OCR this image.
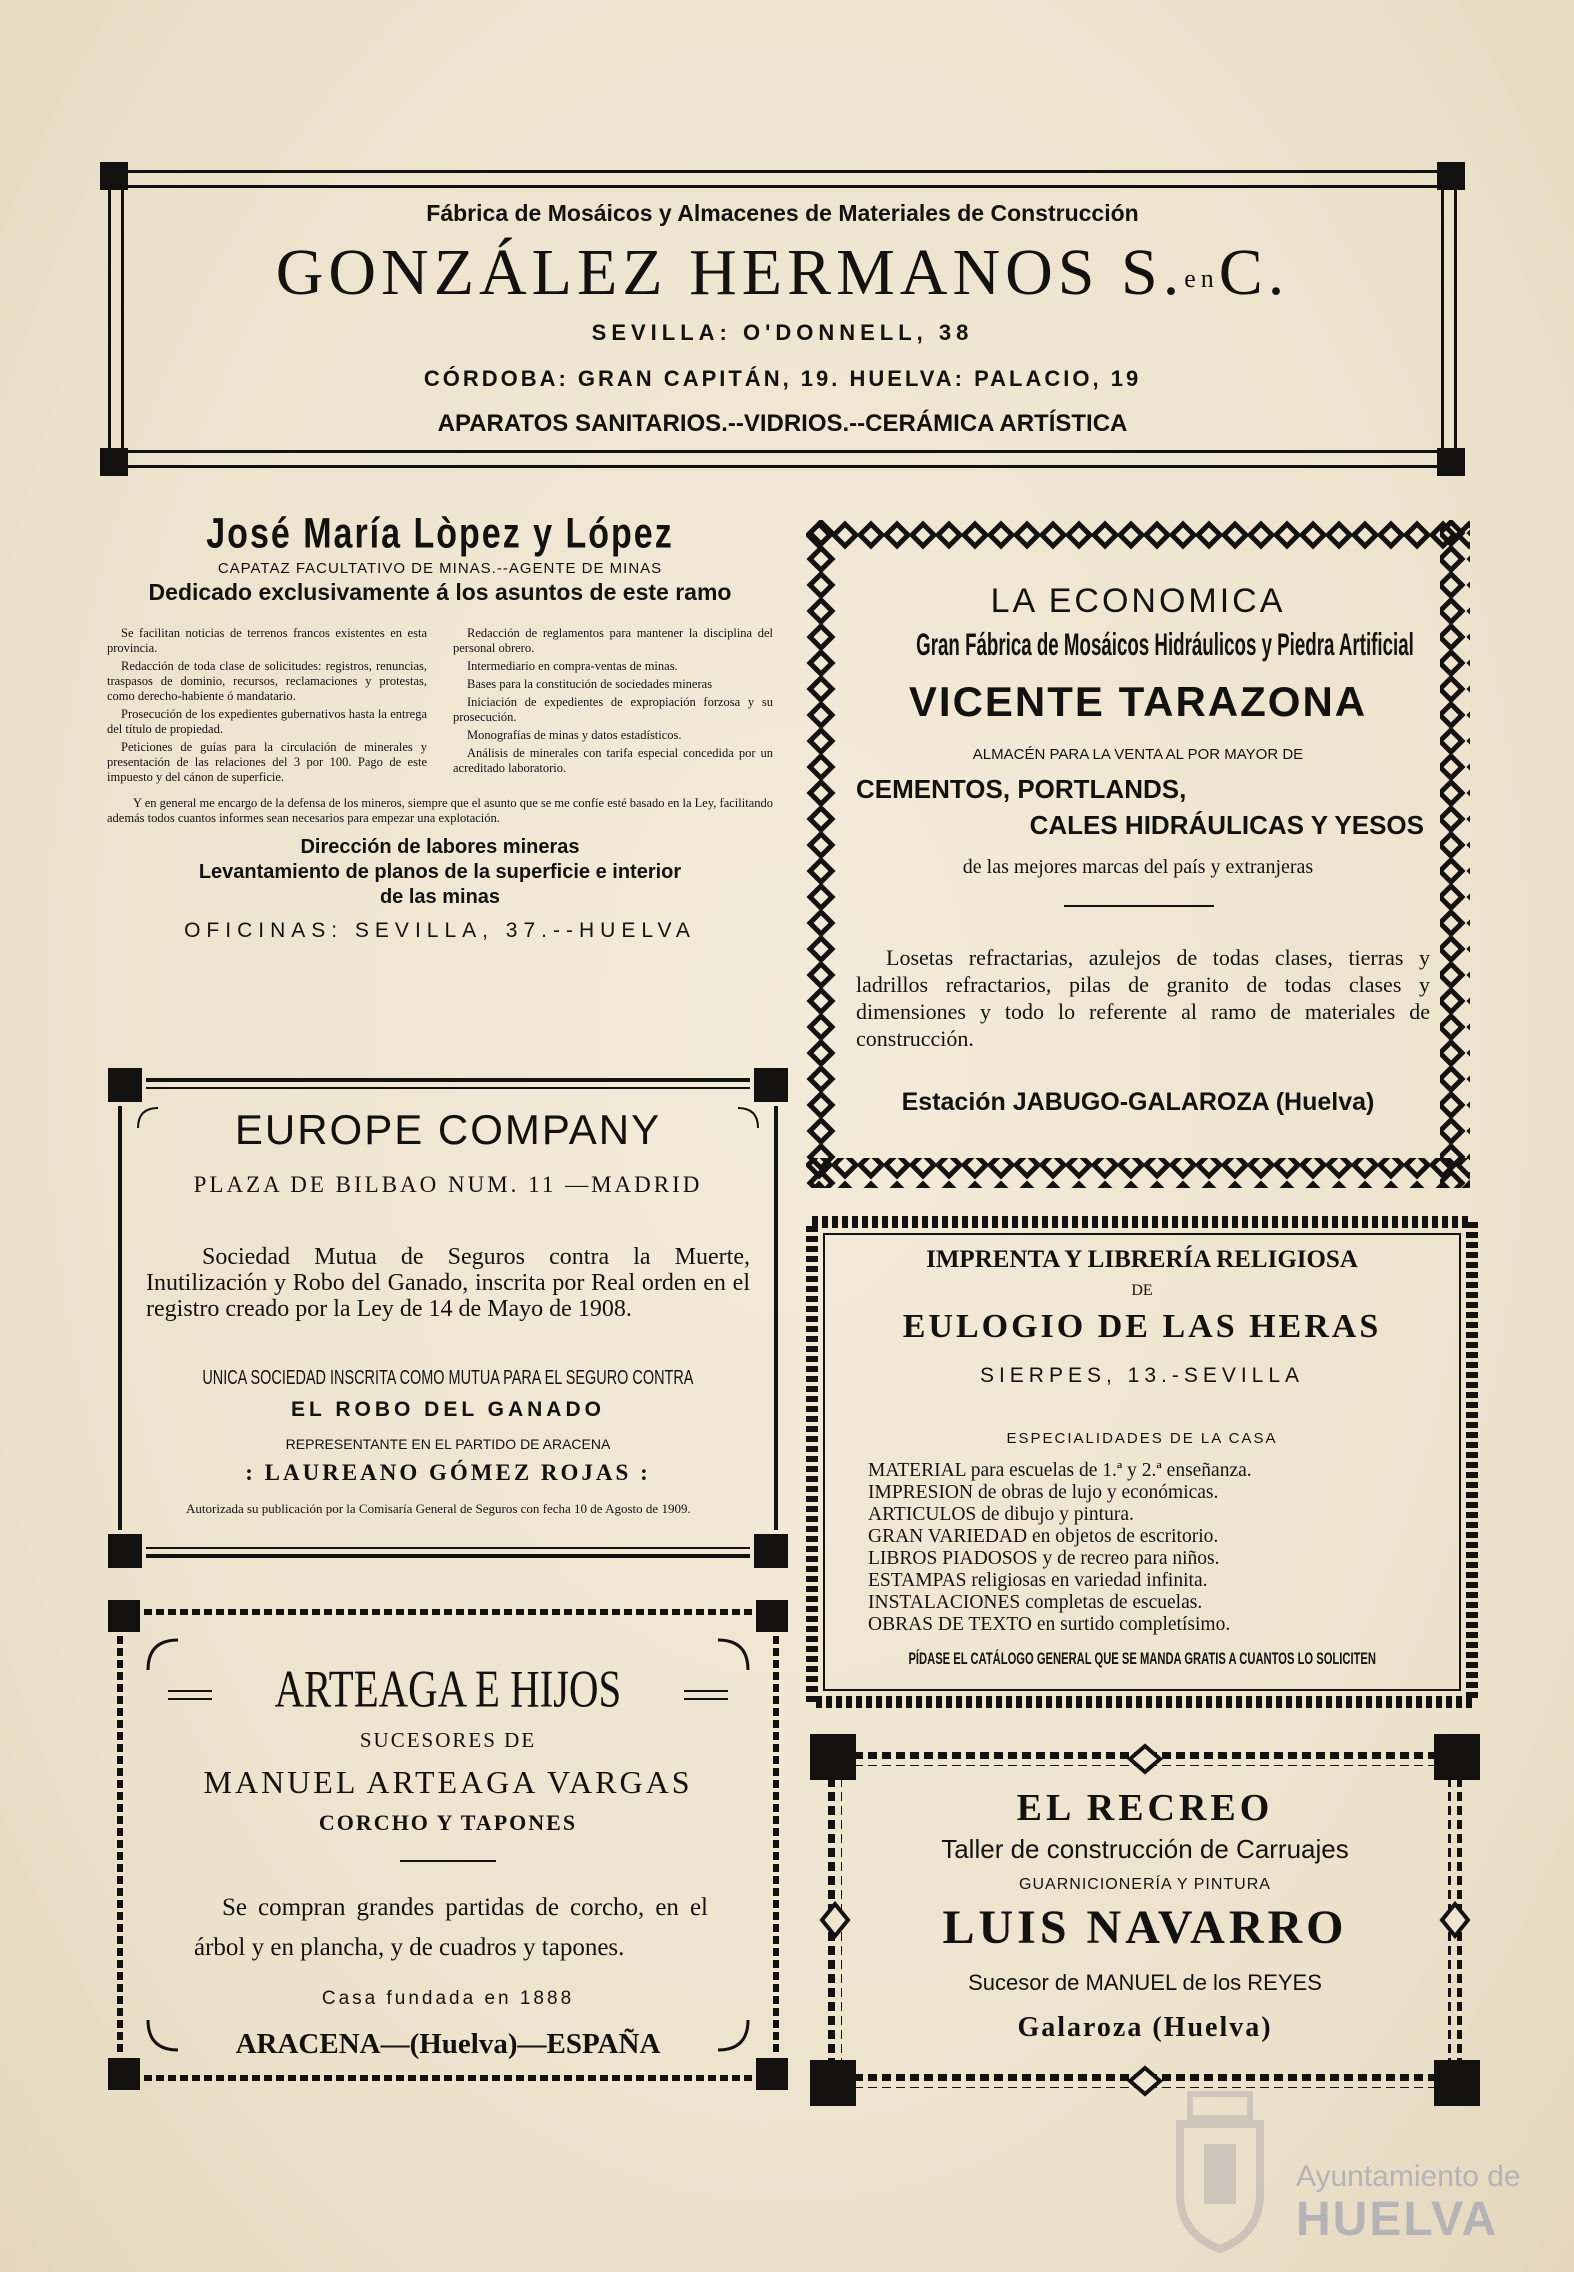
Fábrica de Mosáicos y Almacenes de Materiales de Construcción
GONZÁLEZ HERMANOS S.enC.
SEVILLA: O'DONNELL, 38
CÓRDOBA: GRAN CAPITÁN, 19. HUELVA: PALACIO, 19
APARATOS SANITARIOS.--VIDRIOS.--CERÁMICA ARTÍSTICA
José María Lòpez y López
CAPATAZ FACULTATIVO DE MINAS.--AGENTE DE MINAS
Dedicado exclusivamente á los asuntos de este ramo

Se facilitan noticias de terrenos francos existentes en esta provincia.

Redacción de toda clase de solicitudes: registros, renuncias, traspasos de dominio, recursos, reclamaciones y protestas, como derecho-habiente ó mandatario.

Prosecución de los expedientes gubernativos hasta la entrega del título de propiedad.

Peticiones de guías para la circulación de minerales y presentación de las relaciones del 3 por 100. Pago de este impuesto y del cánon de superficie.

Redacción de reglamentos para mantener la disciplina del personal obrero.

Intermediario en compra-ventas de minas.

Bases para la constitución de sociedades mineras

Iniciación de expedientes de expropiación forzosa y su prosecución.

Monografías de minas y datos estadísticos.

Análisis de minerales con tarifa especial concedida por un acreditado laboratorio.

Y en general me encargo de la defensa de los mineros, siempre que el asunto que se me confíe esté basado en la Ley, facilitando además todos cuantos informes sean necesarios para empezar una explotación.

Dirección de labores mineras
Levantamiento de planos de la superficie e interior
de las minas
OFICINAS: SEVILLA, 37.--HUELVA
LA ECONOMICA
Gran Fábrica de Mosáicos Hidráulicos y Piedra Artificial
VICENTE TARAZONA
ALMACÉN PARA LA VENTA AL POR MAYOR DE
CEMENTOS, PORTLANDS,
CALES HIDRÁULICAS Y YESOS
de las mejores marcas del país y extranjeras
Losetas refractarias, azulejos de todas clases, tierras y ladrillos refractarios, pilas de granito de todas clases y dimensiones y todo lo referente al ramo de materiales de construcción.
Estación JABUGO-GALAROZA (Huelva)
EUROPE COMPANY
PLAZA DE BILBAO NUM. 11 —MADRID
Sociedad Mutua de Seguros contra la Muerte, Inutilización y Robo del Ganado, inscrita por Real orden en el registro creado por la Ley de 14 de Mayo de 1908.
UNICA SOCIEDAD INSCRITA COMO MUTUA PARA EL SEGURO CONTRA
EL ROBO DEL GANADO
REPRESENTANTE EN EL PARTIDO DE ARACENA
: LAUREANO GÓMEZ ROJAS :
Autorizada su publicación por la Comisaría General de Seguros con fecha 10 de Agosto de 1909.
ARTEAGA E HIJOS
SUCESORES DE
MANUEL ARTEAGA VARGAS
CORCHO Y TAPONES
Se compran grandes partidas de corcho, en el árbol y en plancha, y de cuadros y tapones.
Casa fundada en 1888
ARACENA—(Huelva)—ESPAÑA
IMPRENTA Y LIBRERÍA RELIGIOSA
DE
EULOGIO DE LAS HERAS
SIERPES, 13.-SEVILLA
ESPECIALIDADES DE LA CASA
MATERIAL para escuelas de 1.ª y 2.ª enseñanza.
IMPRESION de obras de lujo y económicas.
ARTICULOS de dibujo y pintura.
GRAN VARIEDAD en objetos de escritorio.
LIBROS PIADOSOS y de recreo para niños.
ESTAMPAS religiosas en variedad infinita.
INSTALACIONES completas de escuelas.
OBRAS DE TEXTO en surtido completísimo.
PÍDASE EL CATÁLOGO GENERAL QUE SE MANDA GRATIS A CUANTOS LO SOLICITEN
EL RECREO
Taller de construcción de Carruajes
GUARNICIONERÍA Y PINTURA
LUIS NAVARRO
Sucesor de MANUEL de los REYES
Galaroza (Huelva)
Ayuntamiento de
HUELVA
